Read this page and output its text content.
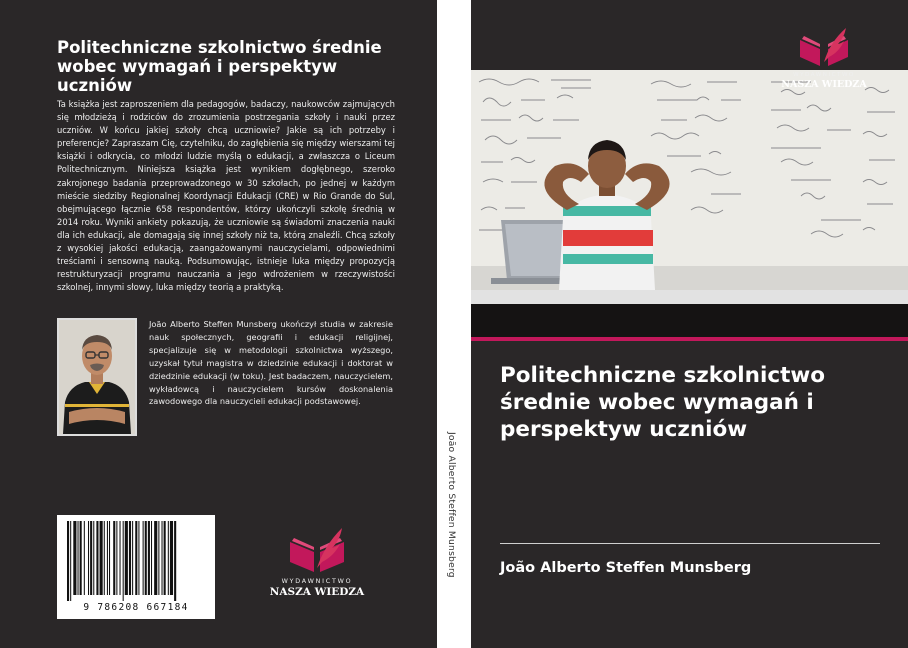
Politechniczne szkolnictwo średnie wobec wymagań i perspektyw uczniów

Ta książka jest zaproszeniem dla pedagogów, badaczy, naukowców zajmujących się młodzieżą i rodziców do zrozumienia postrzegania szkoły i nauki przez uczniów. W końcu jakiej szkoły chcą uczniowie? Jakie są ich potrzeby i preferencje? Zapraszam Cię, czytelniku, do zagłębienia się między wierszami tej książki i odkrycia, co młodzi ludzie myślą o edukacji, a zwłaszcza o Liceum Politechnicznym. Niniejsza książka jest wynikiem dogłębnego, szeroko zakrojonego badania przeprowadzonego w 30 szkołach, po jednej w każdym mieście siedziby Regionalnej Koordynacji Edukacji (CRE) w Rio Grande do Sul, obejmującego łącznie 658 respondentów, którzy ukończyli szkołę średnią w 2014 roku. Wyniki ankiety pokazują, że uczniowie są świadomi znaczenia nauki dla ich edukacji, ale domagają się innej szkoły niż ta, którą znaleźli. Chcą szkoły z wysokiej jakości edukacją, zaangażowanymi nauczycielami, odpowiednimi treściami i sensowną nauką. Podsumowując, istnieje luka między propozycją restrukturyzacji programu nauczania a jego wdrożeniem w rzeczywistości szkolnej, innymi słowy, luka między teorią a praktyką.

João Alberto Steffen Munsberg ukończył studia w zakresie nauk społecznych, geografii i edukacji religijnej, specjalizuje się w metodologii szkolnictwa wyższego, uzyskał tytuł magistra w dziedzinie edukacji i doktorat w dziedzinie edukacji (w toku). Jest badaczem, nauczycielem, wykładowcą i nauczycielem kursów doskonalenia zawodowego dla nauczycieli edukacji podstawowej.

9 786208 667184
WYDAWNICTWO
NASZA WIEDZA
João Alberto Steffen Munsberg
WYDAWNICTWO
NASZA WIEDZA
Politechniczne szkolnictwo średnie wobec wymagań i perspektyw uczniów
João Alberto Steffen Munsberg
